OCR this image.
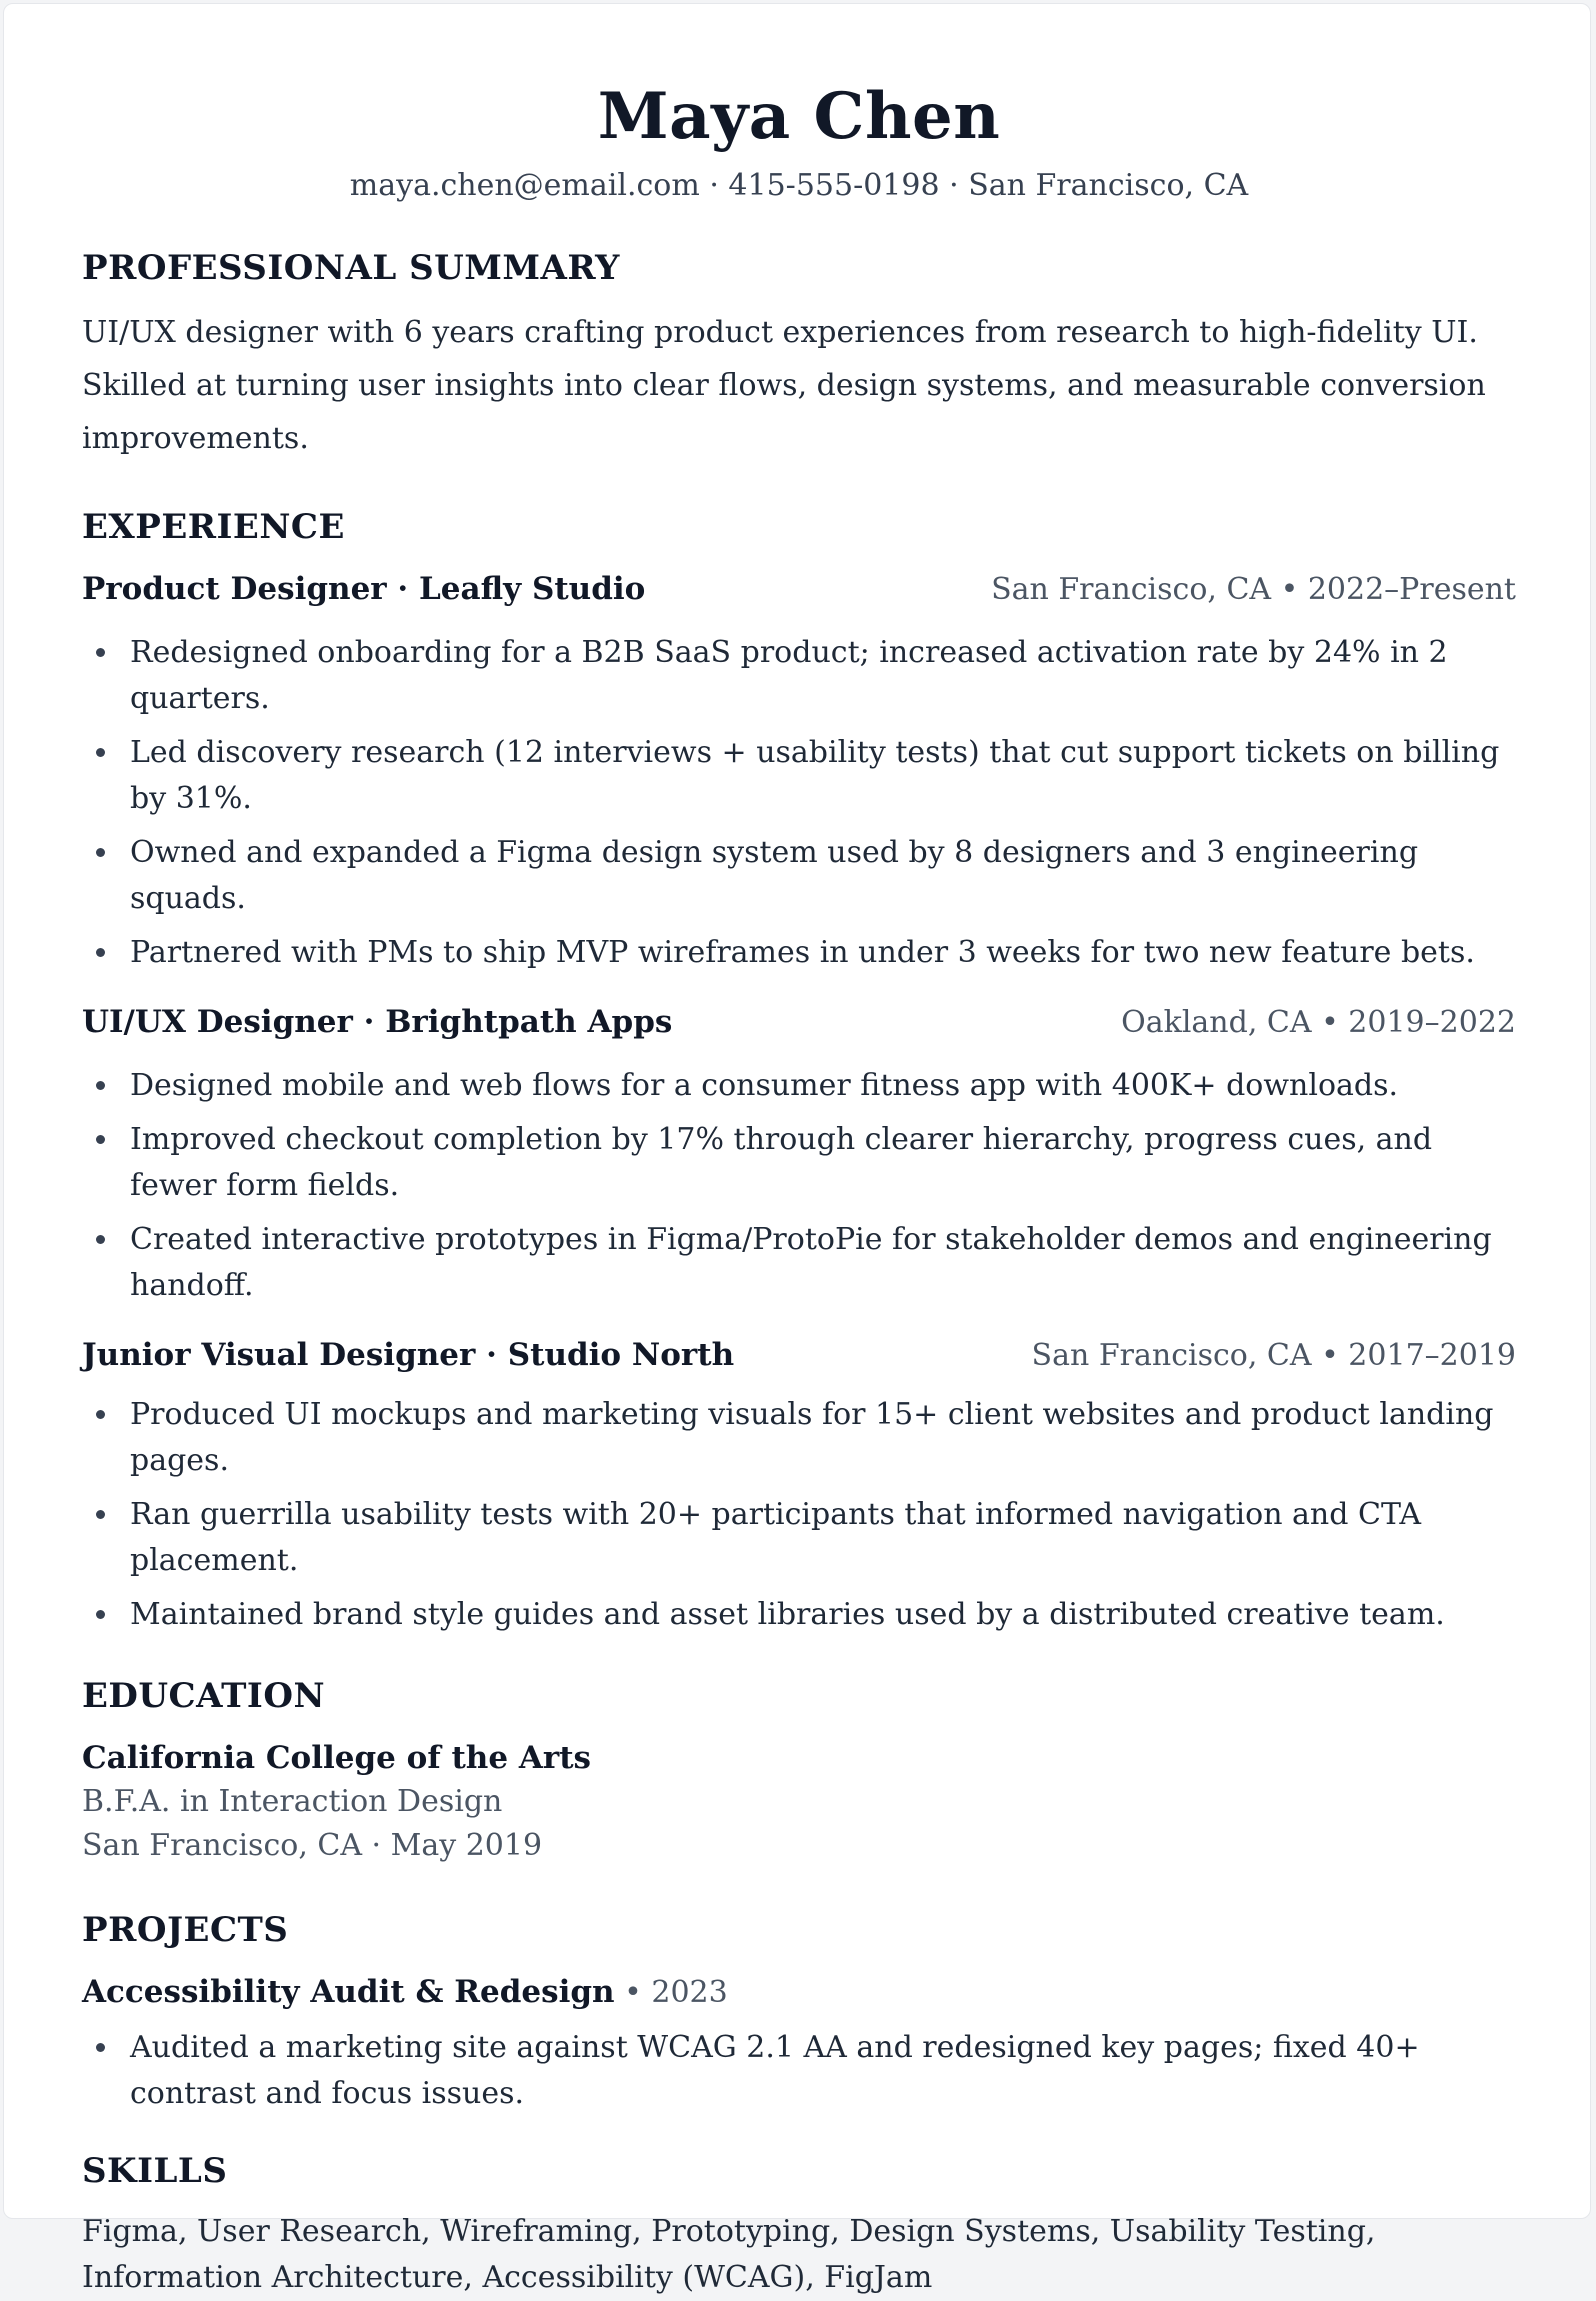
Maya Chen
maya.chen@email.com · 415-555-0198 · San Francisco, CA
PROFESSIONAL SUMMARY

UI/UX designer with 6 years crafting product experiences from research to high-fidelity UI. Skilled at turning user insights into clear flows, design systems, and measurable conversion improvements.

EXPERIENCE
Product Designer · Leafly Studio	San Francisco, CA • 2022–Present
Redesigned onboarding for a B2B SaaS product; increased activation rate by 24% in 2 quarters.
Led discovery research (12 interviews + usability tests) that cut support tickets on billing by 31%.
Owned and expanded a Figma design system used by 8 designers and 3 engineering squads.
Partnered with PMs to ship MVP wireframes in under 3 weeks for two new feature bets.
UI/UX Designer · Brightpath Apps	Oakland, CA • 2019–2022
Designed mobile and web flows for a consumer fitness app with 400K+ downloads.
Improved checkout completion by 17% through clearer hierarchy, progress cues, and fewer form fields.
Created interactive prototypes in Figma/ProtoPie for stakeholder demos and engineering handoff.
Junior Visual Designer · Studio North	San Francisco, CA • 2017–2019
Produced UI mockups and marketing visuals for 15+ client websites and product landing pages.
Ran guerrilla usability tests with 20+ participants that informed navigation and CTA placement.
Maintained brand style guides and asset libraries used by a distributed creative team.
EDUCATION
California College of the Arts
B.F.A. in Interaction Design
San Francisco, CA · May 2019
PROJECTS
Accessibility Audit & Redesign • 2023
Audited a marketing site against WCAG 2.1 AA and redesigned key pages; fixed 40+ contrast and focus issues.
SKILLS

Figma, User Research, Wireframing, Prototyping, Design Systems, Usability Testing, Information Architecture, Accessibility (WCAG), FigJam
